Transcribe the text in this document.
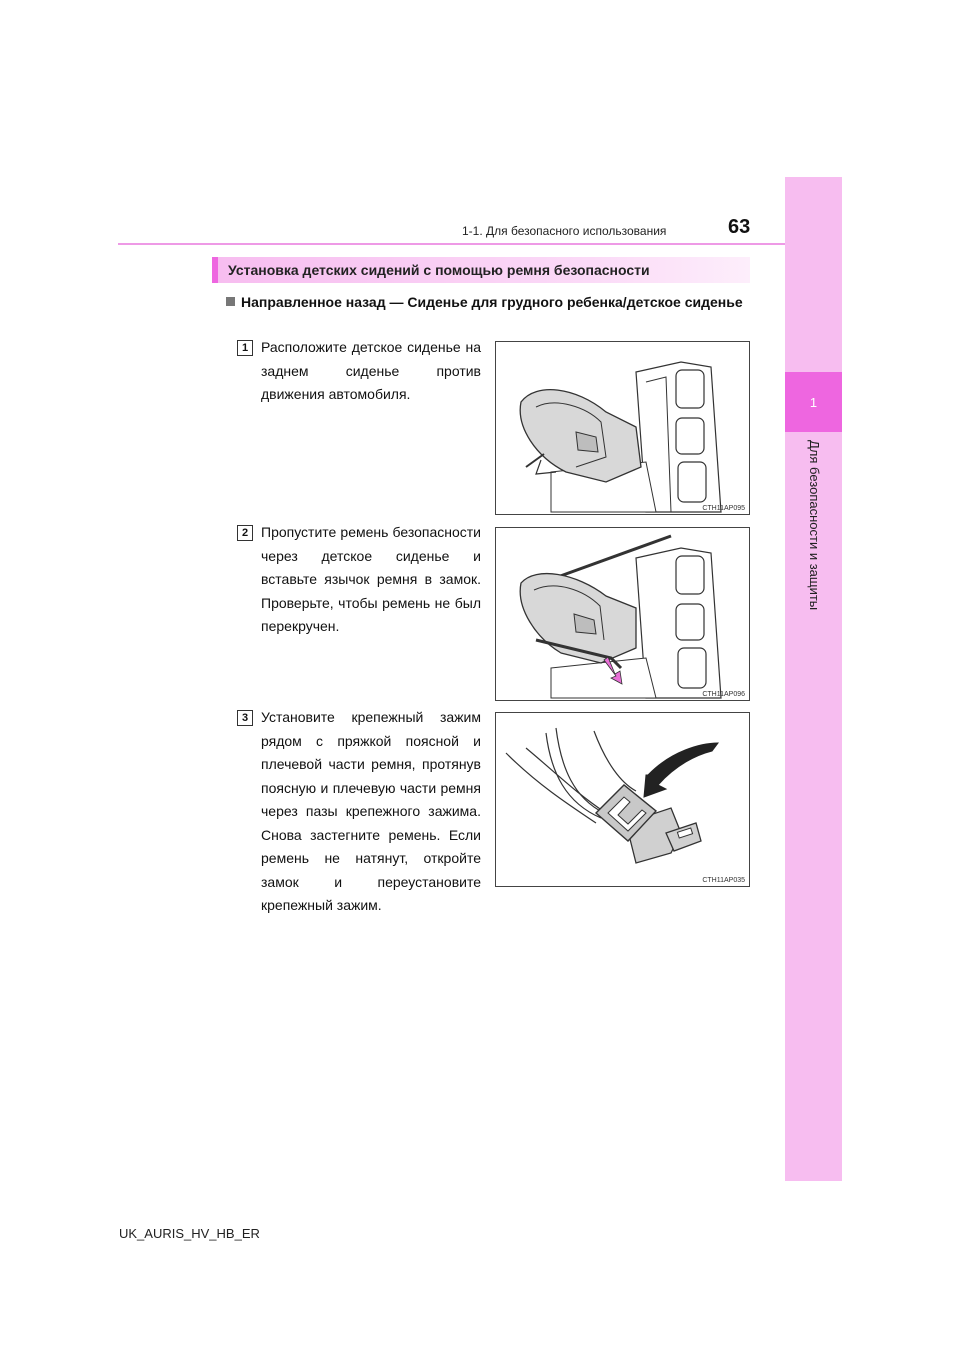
1
Для безопасности и защиты
1-1. Для безопасного использования	63
Установка детских сидений с помощью ремня безопасности
Направленное назад — Сиденье для грудного ребенка/детское сиденье
1 Расположите детское сиденье на заднем сиденье против движения автомобиля.
CTH11AP095
2 Пропустите ремень безопасности через детское сиденье и вставьте язычок ремня в замок. Проверьте, чтобы ремень не был перекручен.
CTH11AP096
3 Установите крепежный зажим рядом с пряжкой поясной и плечевой части ремня, протянув поясную и плечевую части ремня через пазы крепежного зажима. Снова застегните ремень. Если ремень не натянут, откройте замок и переустановите крепежный зажим.
CTH11AP035
UK_AURIS_HV_HB_ER
